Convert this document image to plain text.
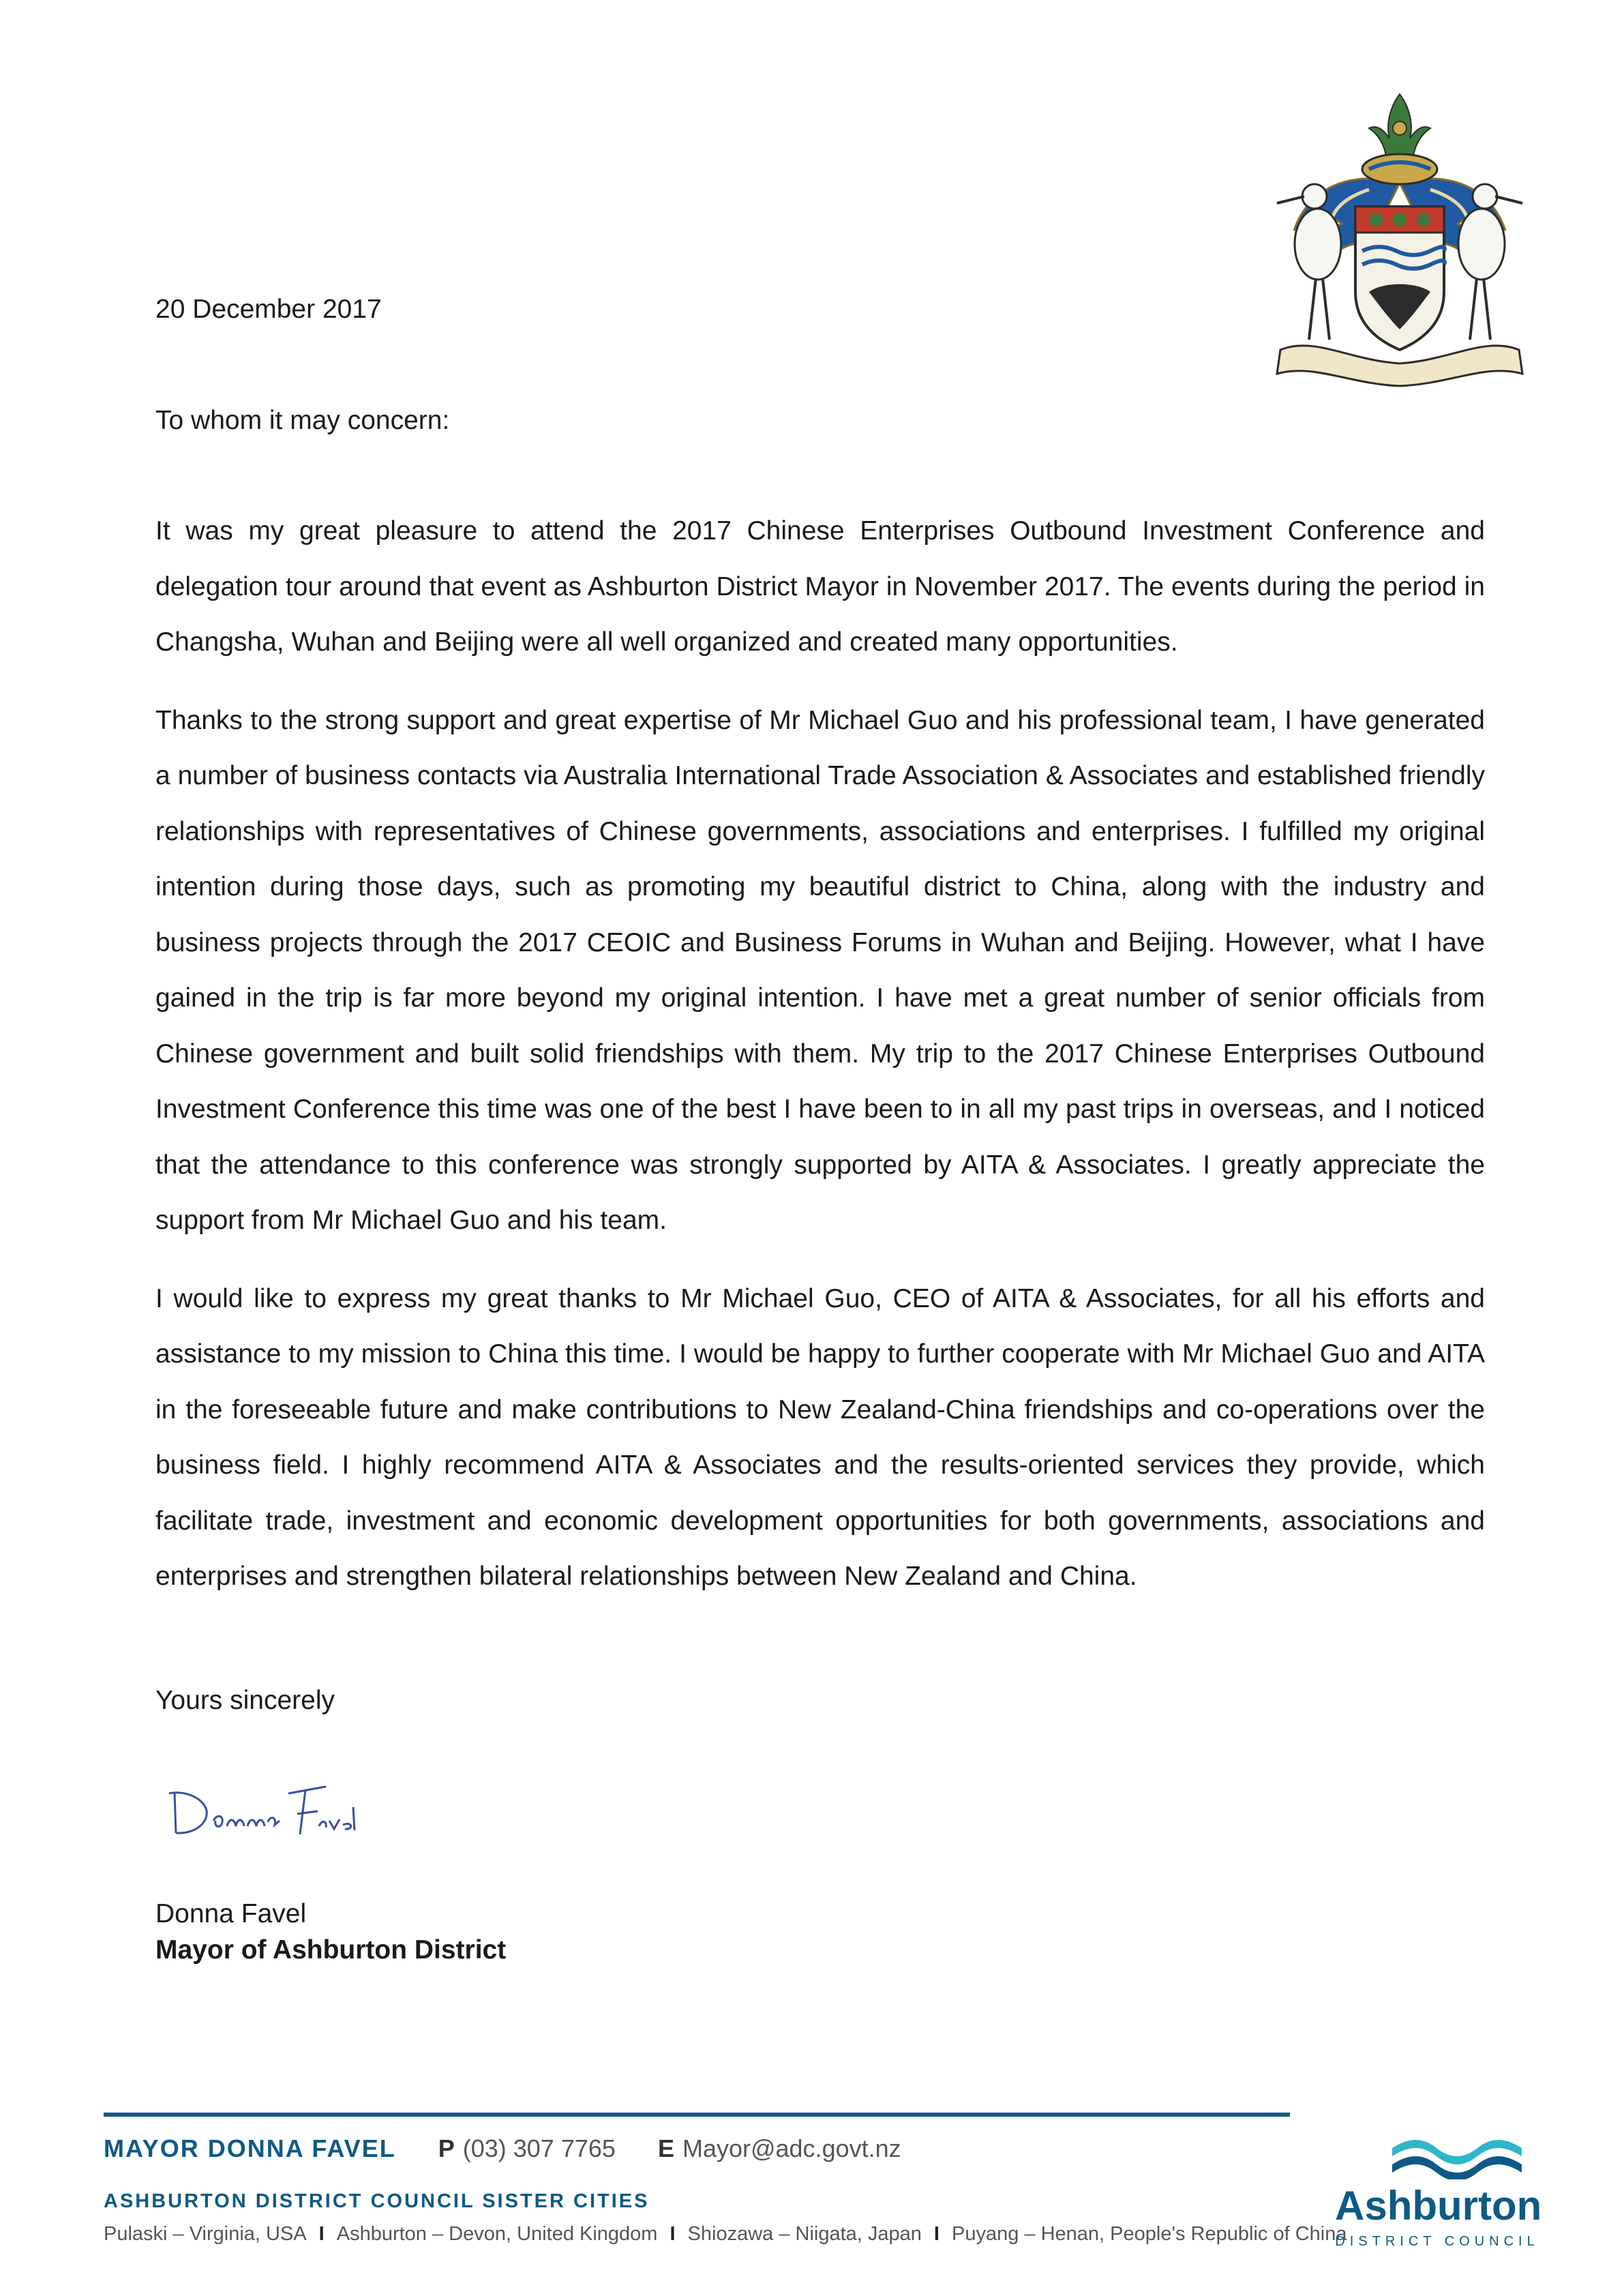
20 December 2017
To whom it may concern:

It was my great pleasure to attend the 2017 Chinese Enterprises Outbound Investment Conference and delegation tour around that event as Ashburton District Mayor in November 2017. The events during the period in Changsha, Wuhan and Beijing were all well organized and created many opportunities.

Thanks to the strong support and great expertise of Mr Michael Guo and his professional team, I have generated a number of business contacts via Australia International Trade Association & Associates and established friendly relationships with representatives of Chinese governments, associations and enterprises. I fulfilled my original intention during those days, such as promoting my beautiful district to China, along with the industry and business projects through the 2017 CEOIC and Business Forums in Wuhan and Beijing. However, what I have gained in the trip is far more beyond my original intention. I have met a great number of senior officials from Chinese government and built solid friendships with them. My trip to the 2017 Chinese Enterprises Outbound Investment Conference this time was one of the best I have been to in all my past trips in overseas, and I noticed that the attendance to this conference was strongly supported by AITA & Associates. I greatly appreciate the support from Mr Michael Guo and his team.

I would like to express my great thanks to Mr Michael Guo, CEO of AITA & Associates, for all his efforts and assistance to my mission to China this time. I would be happy to further cooperate with Mr Michael Guo and AITA in the foreseeable future and make contributions to New Zealand-China friendships and co-operations over the business field. I highly recommend AITA & Associates and the results-oriented services they provide, which facilitate trade, investment and economic development opportunities for both governments, associations and enterprises and strengthen bilateral relationships between New Zealand and China.

Yours sincerely
Donna Favel
Mayor of Ashburton District
MAYOR DONNA FAVEL P (03) 307 7765 E Mayor@adc.govt.nz
ASHBURTON DISTRICT COUNCIL SISTER CITIES
Pulaski – Virginia, USA I Ashburton – Devon, United Kingdom I Shiozawa – Niigata, Japan I Puyang – Henan, People's Republic of China
Ashburton
DISTRICT COUNCIL
